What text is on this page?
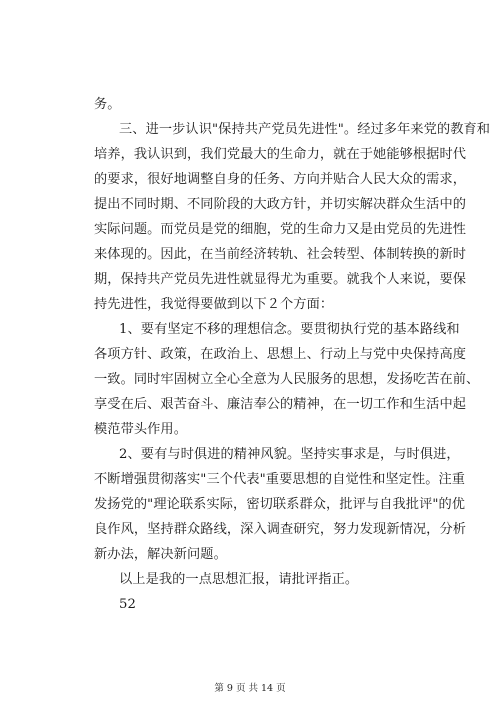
务。
三、进一步认识"保持共产党员先进性"。经过多年来党的教育和
培养，我认识到，我们党最大的生命力，就在于她能够根据时代
的要求，很好地调整自身的任务、方向并贴合人民大众的需求，
提出不同时期、不同阶段的大政方针，并切实解决群众生活中的
实际问题。而党员是党的细胞，党的生命力又是由党员的先进性
来体现的。因此，在当前经济转轨、社会转型、体制转换的新时
期，保持共产党员先进性就显得尤为重要。就我个人来说，要保
持先进性，我觉得要做到以下２个方面：
1、要有坚定不移的理想信念。要贯彻执行党的基本路线和
各项方针、政策，在政治上、思想上、行动上与党中央保持高度
一致。同时牢固树立全心全意为人民服务的思想，发扬吃苦在前、
享受在后、艰苦奋斗、廉洁奉公的精神，在一切工作和生活中起
模范带头作用。
2、要有与时俱进的精神风貌。坚持实事求是，与时俱进，
不断增强贯彻落实"三个代表"重要思想的自觉性和坚定性。注重
发扬党的"理论联系实际，密切联系群众，批评与自我批评"的优
良作风，坚持群众路线，深入调查研究，努力发现新情况，分析
新办法，解决新问题。
以上是我的一点思想汇报，请批评指正。
52
第 9 页 共 14 页
